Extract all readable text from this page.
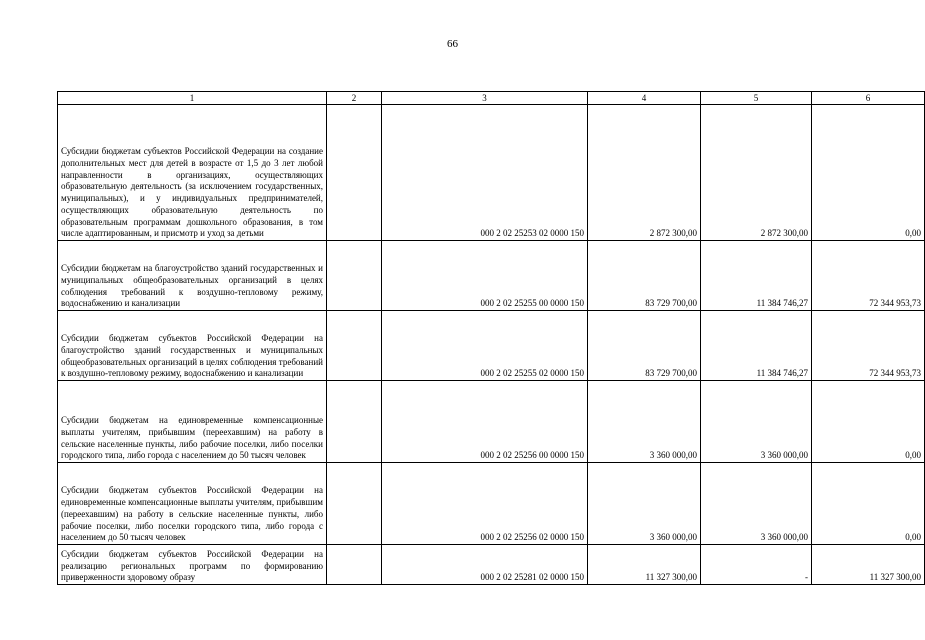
66
1	2	3	4	5	6
Субсидии бюджетам субъектов Российской Федерации на создание дополнительных мест для детей в возрасте от 1,5 до 3 лет любой направленности в организациях, осуществляющих образовательную деятельность (за исключением государственных, муниципальных), и у индивидуальных предпринимателей, осуществляющих образовательную деятельность по образовательным программам дошкольного образования, в том числе адаптированным, и присмотр и уход за детьми		000 2 02 25253 02 0000 150	2 872 300,00	2 872 300,00	0,00
Субсидии бюджетам на благоустройство зданий государственных и муниципальных общеобразовательных организаций в целях соблюдения требований к воздушно-тепловому режиму, водоснабжению и канализации		000 2 02 25255 00 0000 150	83 729 700,00	11 384 746,27	72 344 953,73
Субсидии бюджетам субъектов Российской Федерации на благоустройство зданий государственных и муниципальных общеобразовательных организаций в целях соблюдения требований к воздушно-тепловому режиму, водоснабжению и канализации		000 2 02 25255 02 0000 150	83 729 700,00	11 384 746,27	72 344 953,73
Субсидии бюджетам на единовременные компенсационные выплаты учителям, прибывшим (переехавшим) на работу в сельские населенные пункты, либо рабочие поселки, либо поселки городского типа, либо города с населением до 50 тысяч человек		000 2 02 25256 00 0000 150	3 360 000,00	3 360 000,00	0,00
Субсидии бюджетам субъектов Российской Федерации на единовременные компенсационные выплаты учителям, прибывшим (переехавшим) на работу в сельские населенные пункты, либо рабочие поселки, либо поселки городского типа, либо города с населением до 50 тысяч человек		000 2 02 25256 02 0000 150	3 360 000,00	3 360 000,00	0,00
Субсидии бюджетам субъектов Российской Федерации на реализацию региональных программ по формированию приверженности здоровому образу		000 2 02 25281 02 0000 150	11 327 300,00	-	11 327 300,00
